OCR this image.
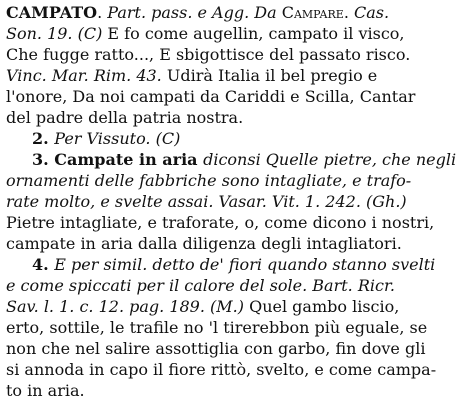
CAMPATO. Part. pass. e Agg. Da Campare. Cas.
Son. 19. (C) E fo come augellin, campato il visco,
Che fugge ratto..., E sbigottisce del passato risco.
Vinc. Mar. Rim. 43. Udirà Italia il bel pregio e
l'onore, Da noi campati da Cariddi e Scilla, Cantar
del padre della patria nostra.
2. Per Vissuto. (C)
3. Campate in aria diconsi Quelle pietre, che negli
ornamenti delle fabbriche sono intagliate, e trafo-
rate molto, e svelte assai. Vasar. Vit. 1. 242. (Gh.)
Pietre intagliate, e traforate, o, come dicono i nostri,
campate in aria dalla diligenza degli intagliatori.
4. E per simil. detto de' fiori quando stanno svelti
e come spiccati per il calore del sole. Bart. Ricr.
Sav. l. 1. c. 12. pag. 189. (M.) Quel gambo liscio,
erto, sottile, le trafile no 'l tirerebbon più eguale, se
non che nel salire assottiglia con garbo, fin dove gli
si annoda in capo il fiore rittò, svelto, e come campa-
to in aria.
